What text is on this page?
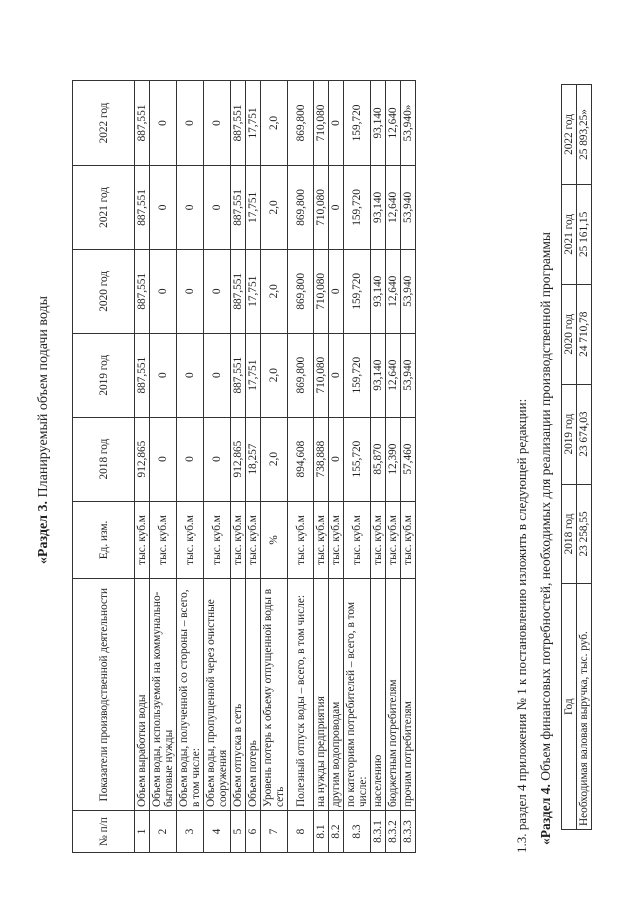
«Раздел 3. Планируемый объем подачи воды
№ п/п	Показатели производственной деятельности	Ед. изм.	2018 год	2019 год	2020 год	2021 год	2022 год
1	Объем выработки воды	тыс. куб.м	912,865	887,551	887,551	887,551	887,551
2	Объем воды, используемой на коммунально-бытовые нужды	тыс. куб.м	0	0	0	0	0
3	Объем воды, полученной со стороны – всего, в том числе:	тыс. куб.м	0	0	0	0	0
4	Объем воды, пропущенной через очистные сооружения	тыс. куб.м	0	0	0	0	0
5	Объем отпуска в сеть	тыс. куб.м	912,865	887,551	887,551	887,551	887,551
6	Объем потерь	тыс. куб.м	18,257	17,751	17,751	17,751	17,751
7	Уровень потерь к объему отпущенной воды в сеть	%	2,0	2,0	2,0	2,0	2,0
8	Полезный отпуск воды – всего, в том числе:	тыс. куб.м	894,608	869,800	869,800	869,800	869,800
8.1	на нужды предприятия	тыс. куб.м	738,888	710,080	710,080	710,080	710,080
8.2	другим водопроводам	тыс. куб.м	0	0	0	0	0
8.3	по категориям потребителей – всего, в том числе:	тыс. куб.м	155,720	159,720	159,720	159,720	159,720
8.3.1	населению	тыс. куб.м	85,870	93,140	93,140	93,140	93,140
8.3.2	бюджетным потребителям	тыс. куб.м	12,390	12,640	12,640	12,640	12,640
8.3.3	прочим потребителям	тыс. куб.м	57,460	53,940	53,940	53,940	53,940»
1.3. раздел 4 приложения № 1 к постановлению изложить в следующей редакции: «Раздел 4. Объем финансовых потребностей, необходимых для реализации производственной программы Год	2018 год	2019 год	2020 год	2021 год	2022 год
Необходимая валовая выручка, тыс. руб.	23 258,55	23 674,03	24 710,78	25 161,15	25 893,25»
